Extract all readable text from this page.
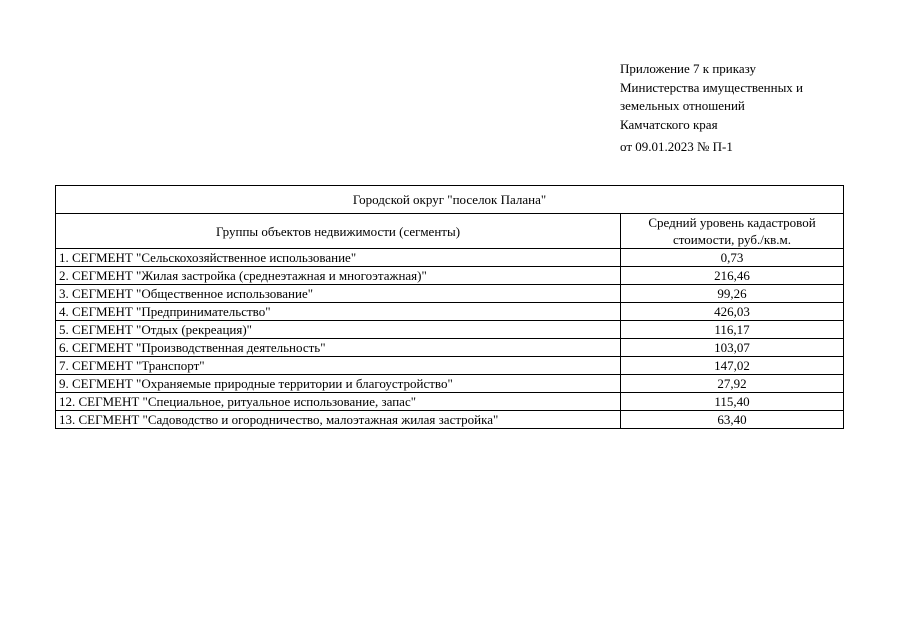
Приложение 7 к приказу
Министерства имущественных и
земельных отношений
Камчатского края
от 09.01.2023 № П-1
Городской округ "поселок Палана"	
Группы объектов недвижимости (сегменты)	Средний уровень кадастровой
стоимости, руб./кв.м.

1. СЕГМЕНТ "Сельскохозяйственное использование"	0,73
2. СЕГМЕНТ "Жилая застройка (среднеэтажная и многоэтажная)"	216,46
3. СЕГМЕНТ "Общественное использование"	99,26
4. СЕГМЕНТ "Предпринимательство"	426,03
5. СЕГМЕНТ "Отдых (рекреация)"	116,17
6. СЕГМЕНТ "Производственная деятельность"	103,07
7. СЕГМЕНТ "Транспорт"	147,02
9. СЕГМЕНТ "Охраняемые природные территории и благоустройство"	27,92
12. СЕГМЕНТ "Специальное, ритуальное использование, запас"	115,40
13. СЕГМЕНТ "Садоводство и огородничество, малоэтажная жилая застройка"	63,40
